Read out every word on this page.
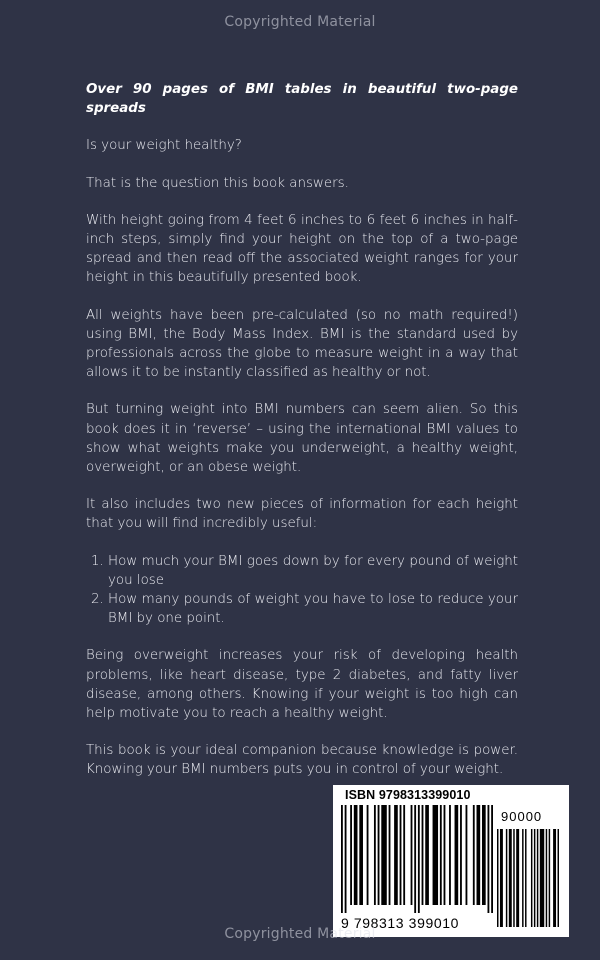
Copyrighted Material

Over 90 pages of BMI tables in beautiful two-page spreads

Is your weight healthy?

That is the question this book answers.

With height going from 4 feet 6 inches to 6 feet 6 inches in half-inch steps, simply find your height on the top of a two-page spread and then read off the associated weight ranges for your height in this beautifully presented book.

All weights have been pre-calculated (so no math required!) using BMI, the Body Mass Index. BMI is the standard used by professionals across the globe to measure weight in a way that allows it to be instantly classified as healthy or not.

But turning weight into BMI numbers can seem alien. So this book does it in ‘reverse’ – using the international BMI values to show what weights make you underweight, a healthy weight, overweight, or an obese weight.

It also includes two new pieces of information for each height that you will find incredibly useful:

1. How much your BMI goes down by for every pound of weight you lose
2. How many pounds of weight you have to lose to reduce your BMI by one point.

Being overweight increases your risk of developing health problems, like heart disease, type 2 diabetes, and fatty liver disease, among others. Knowing if your weight is too high can help motivate you to reach a healthy weight.

This book is your ideal companion because knowledge is power. Knowing your BMI numbers puts you in control of your weight.

ISBN 9798313399010
90000
9 798313 399010
Copyrighted Material
